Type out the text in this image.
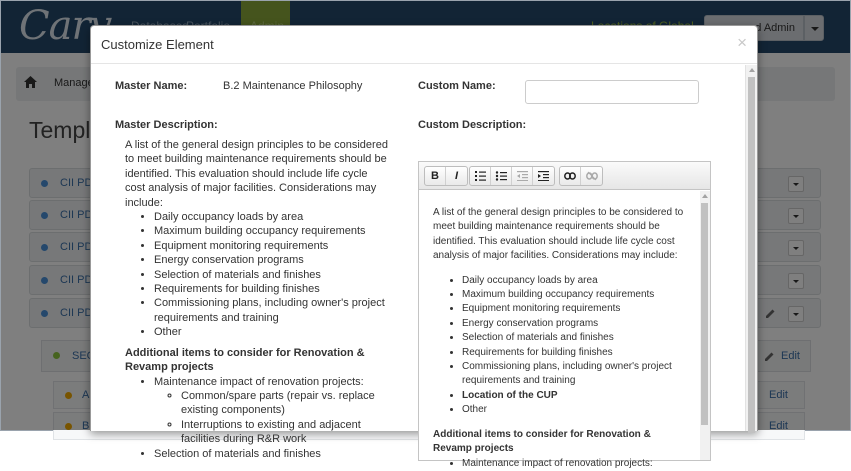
Customize Element	×
Master Name:	B.2 Maintenance Philosophy	Custom Name:
Master Description:	Custom Description:

A list of the general design principles to be considered to meet building maintenance requirements should be identified. This evaluation should include life cycle cost analysis of major facilities. Considerations may include:

• Daily occupancy loads by area
• Maximum building occupancy requirements
• Equipment monitoring requirements
• Energy conservation programs
• Selection of materials and finishes
• Requirements for building finishes
• Commissioning plans, including owner's project requirements and training
• Other

Additional items to consider for Renovation & Revamp projects

• Maintenance impact of renovation projects:
◦ Common/spare parts (repair vs. replace existing components)
◦ Interruptions to existing and adjacent facilities during R&R work
• Selection of materials and finishes
B	I

A list of the general design principles to be considered to meet building maintenance requirements should be identified. This evaluation should include life cycle cost analysis of major facilities. Considerations may include:

• Daily occupancy loads by area
• Maximum building occupancy requirements
• Equipment monitoring requirements
• Energy conservation programs
• Selection of materials and finishes
• Requirements for building finishes
• Commissioning plans, including owner's project requirements and training
• Location of the CUP
• Other

Additional items to consider for Renovation & Revamp projects

• Maintenance impact of renovation projects:
